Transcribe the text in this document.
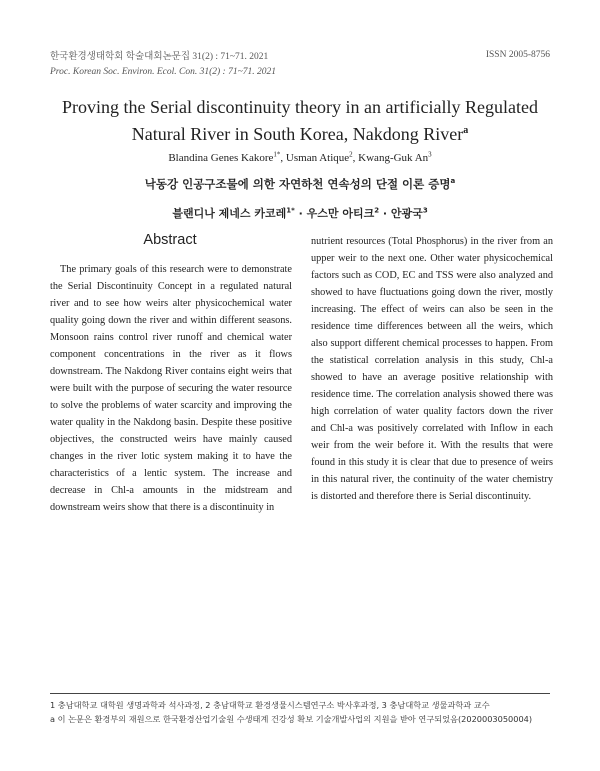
한국환경생태학회 학술대회논문집 31(2) : 71~71. 2021
Proc. Korean Soc. Environ. Ecol. Con. 31(2) : 71~71. 2021
ISSN 2005-8756
Proving the Serial discontinuity theory in an artificially Regulated Natural River in South Korea, Nakdong River$^a$
Blandina Genes Kakore$^{1*}$, Usman Atique$^2$, Kwang-Guk An$^3$
낙동강 인공구조물에 의한 자연하천 연속성의 단절 이론 증명$^a$
블랜디나 제네스 카코레$^{1*}$ · 우스만 아티크$^2$ · 안광국$^3$
Abstract

The primary goals of this research were to demonstrate the Serial Discontinuity Concept in a regulated natural river and to see how weirs alter physicochemical water quality going down the river and within different seasons. Monsoon rains control river runoff and chemical water component concentrations in the river as it flows downstream. The Nakdong River contains eight weirs that were built with the purpose of securing the water resource to solve the problems of water scarcity and improving the water quality in the Nakdong basin. Despite these positive objectives, the constructed weirs have mainly caused changes in the river lotic system making it to have the characteristics of a lentic system. The increase and decrease in Chl-a amounts in the midstream and downstream weirs show that there is a discontinuity in

nutrient resources (Total Phosphorus) in the river from an upper weir to the next one. Other water physicochemical factors such as COD, EC and TSS were also analyzed and showed to have fluctuations going down the river, mostly increasing. The effect of weirs can also be seen in the residence time differences between all the weirs, which also support different chemical processes to happen. From the statistical correlation analysis in this study, Chl-a showed to have an average positive relationship with residence time. The correlation analysis showed there was high correlation of water quality factors down the river and Chl-a was positively correlated with Inflow in each weir from the weir before it. With the results that were found in this study it is clear that due to presence of weirs in this natural river, the continuity of the water chemistry is distorted and therefore there is Serial discontinuity.

1 충남대학교 대학원 생명과학과 석사과정, 2 충남대학교 환경생물시스템연구소 박사후과정, 3 충남대학교 생물과학과 교수
a 이 논문은 환경부의 재원으로 한국환경산업기술원 수생태계 건강성 확보 기술개발사업의 지원을 받아 연구되었음(2020003050004)
